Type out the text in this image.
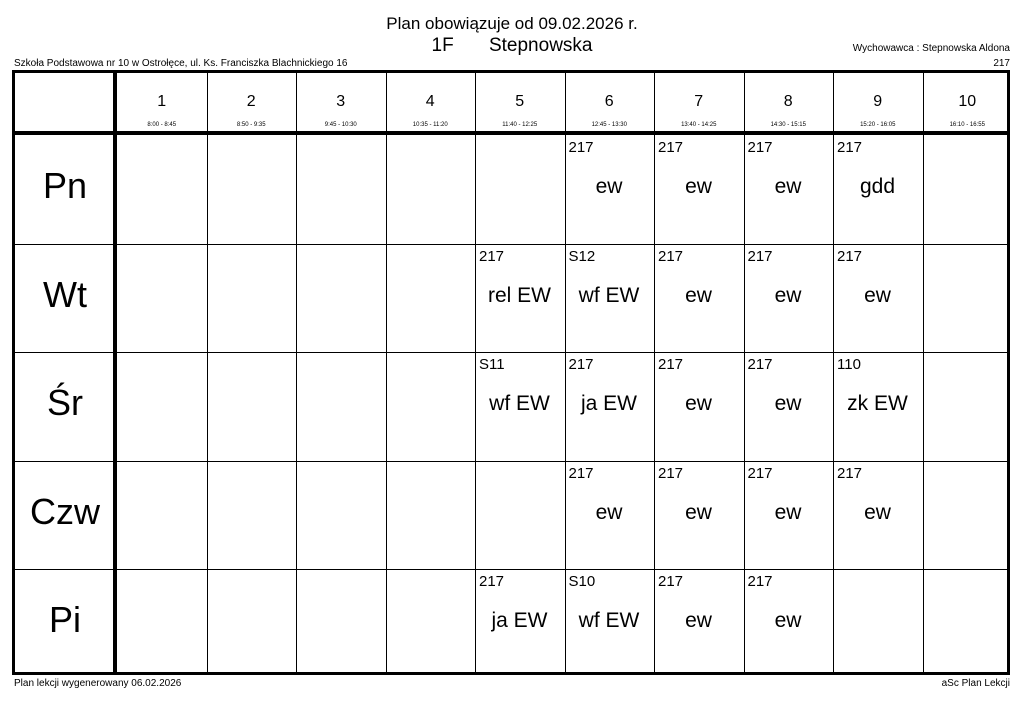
Plan obowiązuje od 09.02.2026 r.
1F Stepnowska
Szkoła Podstawowa nr 10 w Ostrołęce, ul. Ks. Franciszka Blachnickiego 16
Wychowawca : Stepnowska Aldona
217
1
8:00 - 8:45
2
8:50 - 9:35
3
9:45 - 10:30
4
10:35 - 11:20
5
11:40 - 12:25
6
12:45 - 13:30
7
13:40 - 14:25
8
14:30 - 15:15
9
15:20 - 16:05
10
16:10 - 16:55
Pn
217
ew
217
ew
217
ew
217
gdd
Wt
217
rel EW
S12
wf EW
217
ew
217
ew
217
ew
Śr
S11
wf EW
217
ja EW
217
ew
217
ew
110
zk EW
Czw
217
ew
217
ew
217
ew
217
ew
Pi
217
ja EW
S10
wf EW
217
ew
217
ew
Plan lekcji wygenerowany 06.02.2026	aSc Plan Lekcji
